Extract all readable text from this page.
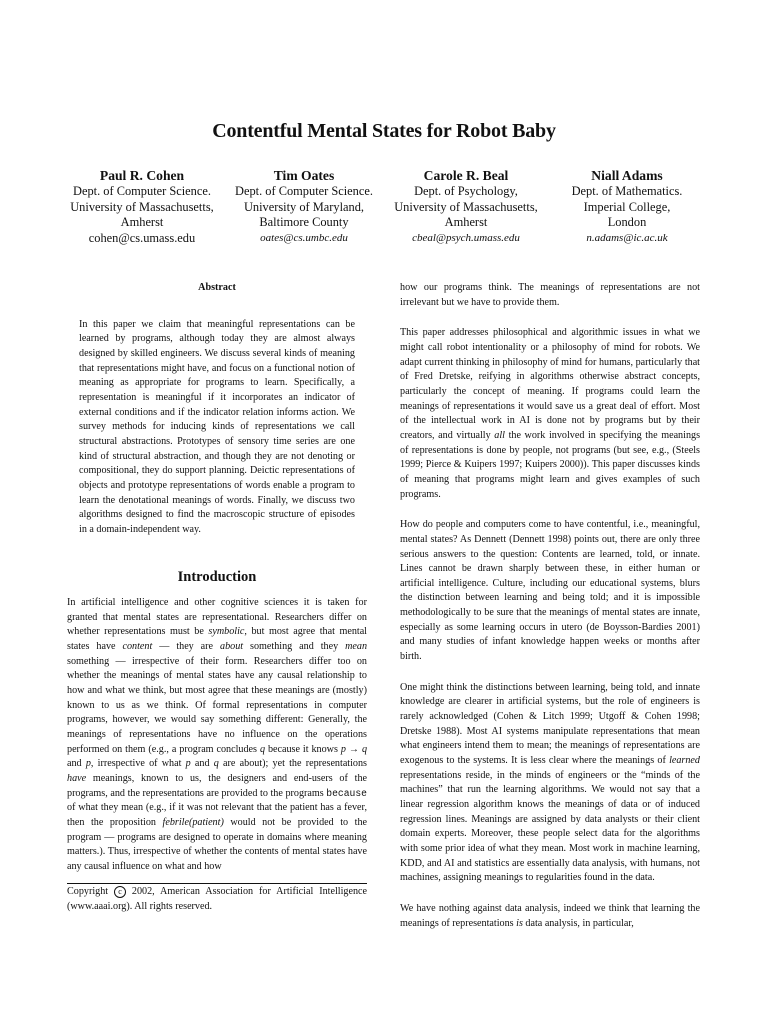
Contentful Mental States for Robot Baby
Paul R. Cohen
Dept. of Computer Science.
University of Massachusetts,
Amherst
cohen@cs.umass.edu
Tim Oates
Dept. of Computer Science.
University of Maryland,
Baltimore County
oates@cs.umbc.edu
Carole R. Beal
Dept. of Psychology,
University of Massachusetts,
Amherst
cbeal@psych.umass.edu
Niall Adams
Dept. of Mathematics.
Imperial College,
London
n.adams@ic.ac.uk
Abstract

In this paper we claim that meaningful representations can be learned by programs, although today they are almost always designed by skilled engineers. We discuss several kinds of meaning that representations might have, and focus on a functional notion of meaning as appropriate for programs to learn. Specifically, a representation is meaningful if it incorporates an indicator of external conditions and if the indicator relation informs action. We survey methods for inducing kinds of representations we call structural abstractions. Prototypes of sensory time series are one kind of structural abstraction, and though they are not denoting or compositional, they do support planning. Deictic representations of objects and prototype representations of words enable a program to learn the denotational meanings of words. Finally, we discuss two algorithms designed to find the macroscopic structure of episodes in a domain-independent way.

Introduction

In artificial intelligence and other cognitive sciences it is taken for granted that mental states are representational. Researchers differ on whether representations must be symbolic, but most agree that mental states have content — they are about something and they mean something — irrespective of their form. Researchers differ too on whether the meanings of mental states have any causal relationship to how and what we think, but most agree that these meanings are (mostly) known to us as we think. Of formal representations in computer programs, however, we would say something different: Generally, the meanings of representations have no influence on the operations performed on them (e.g., a program concludes q because it knows p → q and p, irrespective of what p and q are about); yet the representations have meanings, known to us, the designers and end-users of the programs, and the representations are provided to the programs because of what they mean (e.g., if it was not relevant that the patient has a fever, then the proposition febrile(patient) would not be provided to the program — programs are designed to operate in domains where meaning matters.). Thus, irrespective of whether the contents of mental states have any causal influence on what and how

Copyright c 2002, American Association for Artificial Intelligence (www.aaai.org). All rights reserved.

how our programs think. The meanings of representations are not irrelevant but we have to provide them.

This paper addresses philosophical and algorithmic issues in what we might call robot intentionality or a philosophy of mind for robots. We adapt current thinking in philosophy of mind for humans, particularly that of Fred Dretske, reifying in algorithms otherwise abstract concepts, particularly the concept of meaning. If programs could learn the meanings of representations it would save us a great deal of effort. Most of the intellectual work in AI is done not by programs but by their creators, and virtually all the work involved in specifying the meanings of representations is done by people, not programs (but see, e.g., (Steels 1999; Pierce & Kuipers 1997; Kuipers 2000)). This paper discusses kinds of meaning that programs might learn and gives examples of such programs.

How do people and computers come to have contentful, i.e., meaningful, mental states? As Dennett (Dennett 1998) points out, there are only three serious answers to the question: Contents are learned, told, or innate. Lines cannot be drawn sharply between these, in either human or artificial intelligence. Culture, including our educational systems, blurs the distinction between learning and being told; and it is impossible methodologically to be sure that the meanings of mental states are innate, especially as some learning occurs in utero (de Boysson-Bardies 2001) and many studies of infant knowledge happen weeks or months after birth.

One might think the distinctions between learning, being told, and innate knowledge are clearer in artificial systems, but the role of engineers is rarely acknowledged (Cohen & Litch 1999; Utgoff & Cohen 1998; Dretske 1988). Most AI systems manipulate representations that mean what engineers intend them to mean; the meanings of representations are exogenous to the systems. It is less clear where the meanings of learned representations reside, in the minds of engineers or the “minds of the machines” that run the learning algorithms. We would not say that a linear regression algorithm knows the meanings of data or of induced regression lines. Meanings are assigned by data analysts or their client domain experts. Moreover, these people select data for the algorithms with some prior idea of what they mean. Most work in machine learning, KDD, and AI and statistics are essentially data analysis, with humans, not machines, assigning meanings to regularities found in the data.

We have nothing against data analysis, indeed we think that learning the meanings of representations is data analysis, in particular,
